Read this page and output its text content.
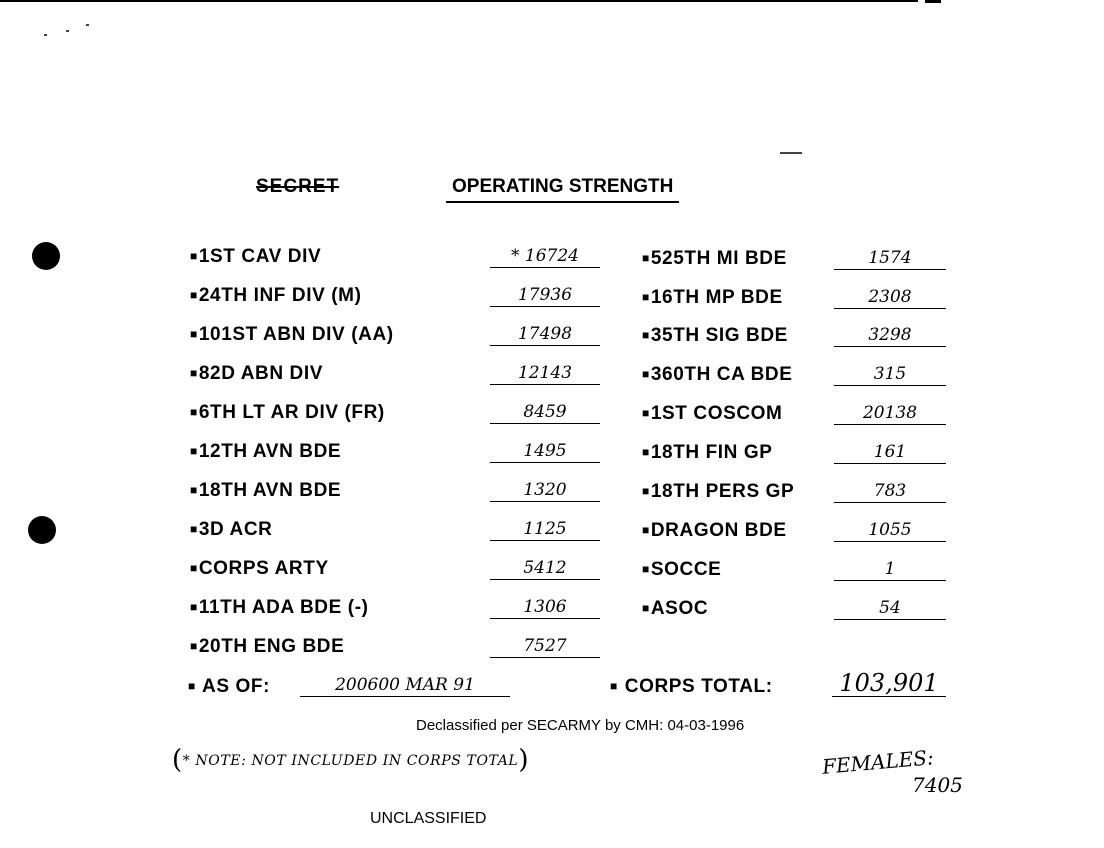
SECRET	OPERATING STRENGTH
■1ST CAV DIV	* 16724
■24TH INF DIV (M)	17936
■101ST ABN DIV (AA)	17498
■82D ABN DIV	12143
■6TH LT AR DIV (FR)	8459
■12TH AVN BDE	1495
■18TH AVN BDE	1320
■3D ACR	1125
■CORPS ARTY	5412
■11TH ADA BDE (-)	1306
■20TH ENG BDE	7527
■525TH MI BDE	1574
■16TH MP BDE	2308
■35TH SIG BDE	3298
■360TH CA BDE	315
■1ST COSCOM	20138
■18TH FIN GP	161
■18TH PERS GP	783
■DRAGON BDE	1055
■SOCCE	1
■ASOC	54
■ AS OF:	200600 MAR 91	■ CORPS TOTAL:	103,901
Declassified per SECARMY by CMH: 04-03-1996
(* NOTE: NOT INCLUDED IN CORPS TOTAL)	FEMALES:
7405
UNCLASSIFIED
